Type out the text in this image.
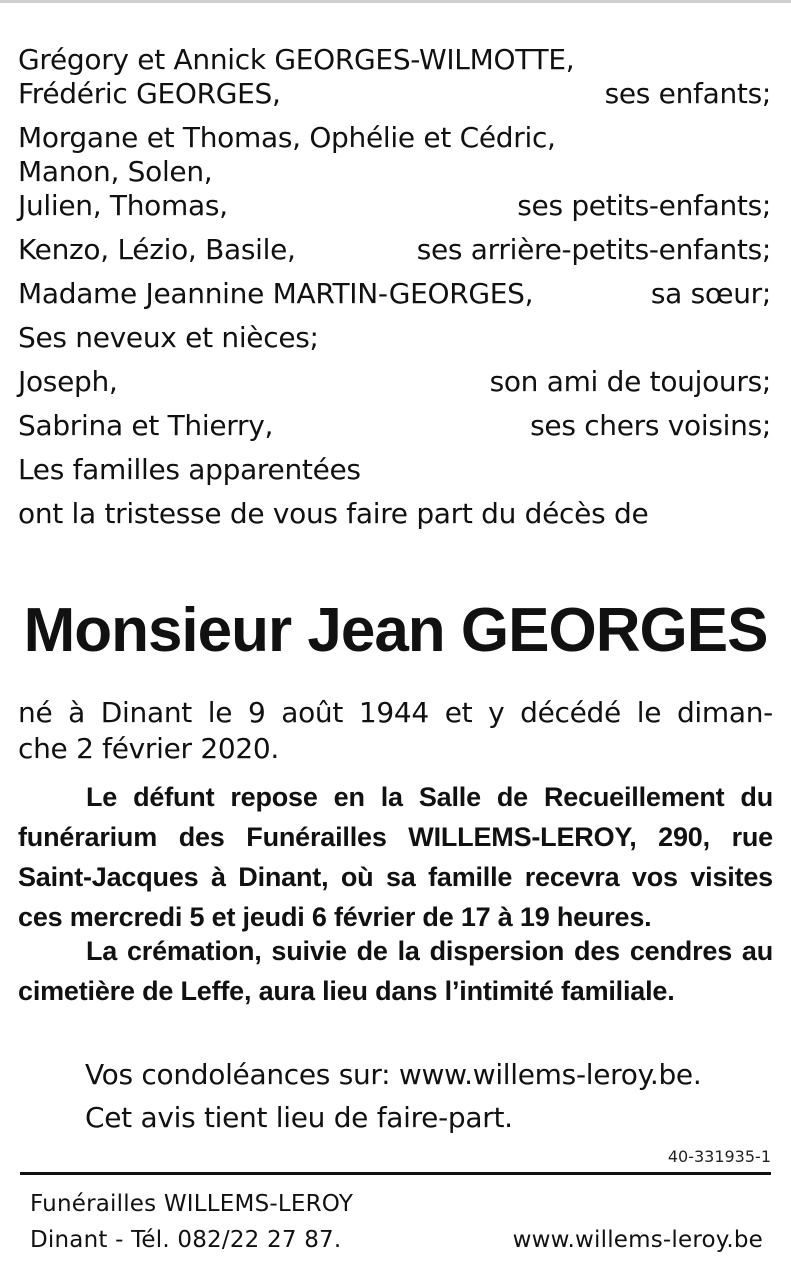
Grégory et Annick GEORGES-WILMOTTE,
Frédéric GEORGES,	ses enfants;
Morgane et Thomas, Ophélie et Cédric,
Manon, Solen,
Julien, Thomas,	ses petits-enfants;
Kenzo, Lézio, Basile,	ses arrière-petits-enfants;
Madame Jeannine MARTIN-GEORGES,	sa sœur;
Ses neveux et nièces;
Joseph,	son ami de toujours;
Sabrina et Thierry,	ses chers voisins;
Les familles apparentées
ont la tristesse de vous faire part du décès de
Monsieur Jean GEORGES
né à Dinant le 9 août 1944 et y décédé le diman-
che 2 février 2020.
Le défunt repose en la Salle de Recueillement du funérarium des Funérailles WILLEMS-LEROY, 290, rue Saint-Jacques à Dinant, où sa famille recevra vos visites ces mercredi 5 et jeudi 6 février de 17 à 19 heures.
La crémation, suivie de la dispersion des cendres au cimetière de Leffe, aura lieu dans l’intimité familiale.
Vos condoléances sur: www.willems-leroy.be.
Cet avis tient lieu de faire-part.
40-331935-1
Funérailles WILLEMS-LEROY
Dinant - Tél. 082/22 27 87.	www.willems-leroy.be
